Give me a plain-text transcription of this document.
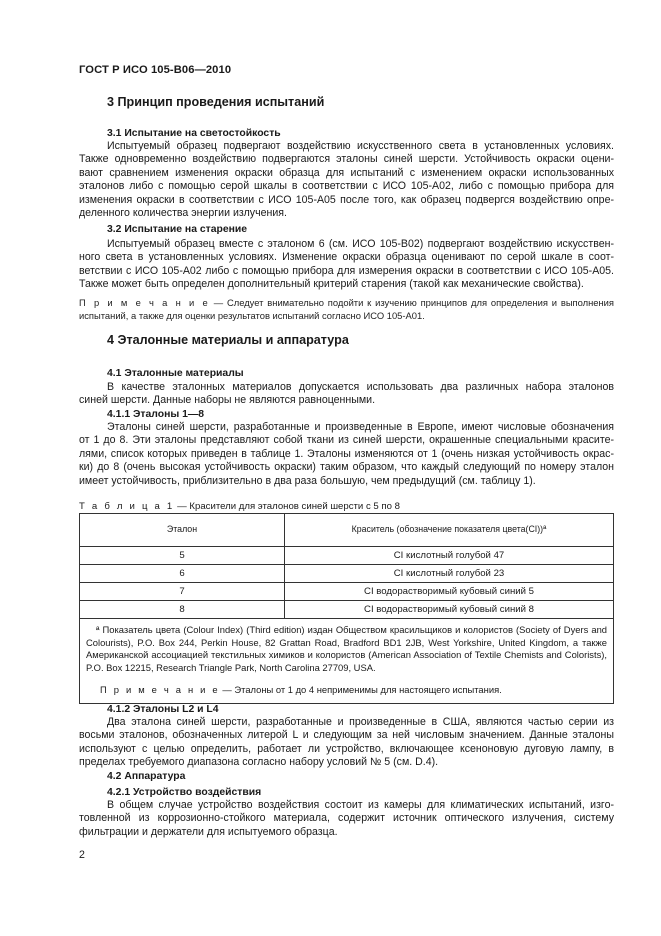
ГОСТ Р ИСО 105-B06—2010
3 Принцип проведения испытаний
3.1 Испытание на светостойкость
Испытуемый образец подвергают воздействию искусственного света в установленных условиях.
Также одновременно воздействию подвергаются эталоны синей шерсти. Устойчивость окраски оцени-
вают сравнением изменения окраски образца для испытаний с изменением окраски использованных
эталонов либо с помощью серой шкалы в соответствии с ИСО 105-A02, либо с помощью прибора для
изменения окраски в соответствии с ИСО 105-A05 после того, как образец подвергся воздействию опре-
деленного количества энергии излучения.
3.2 Испытание на старение
Испытуемый образец вместе с эталоном 6 (см. ИСО 105-B02) подвергают воздействию искусствен-
ного света в установленных условиях. Изменение окраски образца оценивают по серой шкале в соот-
ветствии с ИСО 105-A02 либо с помощью прибора для измерения окраски в соответствии с ИСО 105-A05.
Также может быть определен дополнительный критерий старения (такой как механические свойства).
П р и м е ч а н и е — Следует внимательно подойти к изучению принципов для определения и выполнения
испытаний, а также для оценки результатов испытаний согласно ИСО 105-A01.
4 Эталонные материалы и аппаратура
4.1 Эталонные материалы
В качестве эталонных материалов допускается использовать два различных набора эталонов
синей шерсти. Данные наборы не являются равноценными.
4.1.1 Эталоны 1—8
Эталоны синей шерсти, разработанные и произведенные в Европе, имеют числовые обозначения
от 1 до 8. Эти эталоны представляют собой ткани из синей шерсти, окрашенные специальными красите-
лями, список которых приведен в таблице 1. Эталоны изменяются от 1 (очень низкая устойчивость окрас-
ки) до 8 (очень высокая устойчивость окраски) таким образом, что каждый следующий по номеру эталон
имеет устойчивость, приблизительно в два раза большую, чем предыдущий (см. таблицу 1).
Т а б л и ц а 1 — Красители для эталонов синей шерсти с 5 по 8
Эталон	Краситель (обозначение показателя цвета(CI))ª
5	CI кислотный голубой 47
6	CI кислотный голубой 23
7	CI водорастворимый кубовый синий 5
8	CI водорастворимый кубовый синий 8
ª Показатель цвета (Colour Index) (Third edition) издан Обществом красильщиков и колористов (Society of Dyers and Colourists), P.O. Box 244, Perkin House, 82 Grattan Road, Bradford BD1 2JB, West Yorkshire, United Kingdom, а также Американской ассоциацией текстильных химиков и колористов (American Association of Textile Chemists and Colorists), P.O. Box 12215, Research Triangle Park, North Carolina 27709, USA.
П р и м е ч а н и е — Эталоны от 1 до 4 неприменимы для настоящего испытания.	
4.1.2 Эталоны L2 и L4
Два эталона синей шерсти, разработанные и произведенные в США, являются частью серии из
восьми эталонов, обозначенных литерой L и следующим за ней числовым значением. Данные эталоны
используют с целью определить, работает ли устройство, включающее ксеноновую дуговую лампу, в
пределах требуемого диапазона согласно набору условий № 5 (см. D.4).
4.2 Аппаратура
4.2.1 Устройство воздействия
В общем случае устройство воздействия состоит из камеры для климатических испытаний, изго-
товленной из коррозионно-стойкого материала, содержит источник оптического излучения, систему
фильтрации и держатели для испытуемого образца.
2
